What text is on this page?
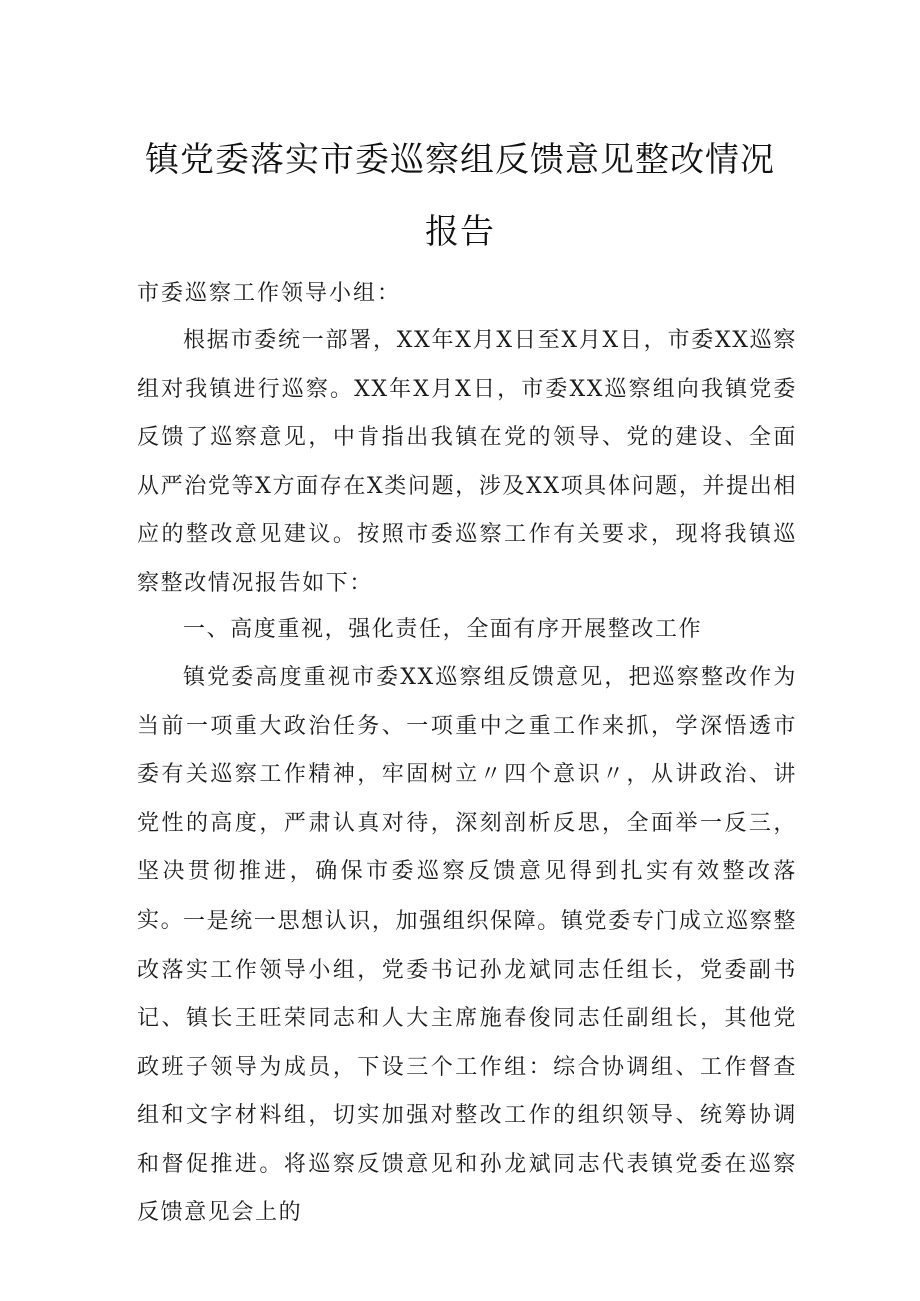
镇党委落实市委巡察组反馈意见整改情况
报告

市委巡察工作领导小组：

根据市委统一部署，XX年X月X日至X月X日，市委XX巡察组对我镇进行巡察。XX年X月X日，市委XX巡察组向我镇党委反馈了巡察意见，中肯指出我镇在党的领导、党的建设、全面从严治党等X方面存在X类问题，涉及XX项具体问题，并提出相应的整改意见建议。按照市委巡察工作有关要求，现将我镇巡察整改情况报告如下：

一、高度重视，强化责任，全面有序开展整改工作

镇党委高度重视市委XX巡察组反馈意见，把巡察整改作为当前一项重大政治任务、一项重中之重工作来抓，学深悟透市委有关巡察工作精神，牢固树立〃四个意识〃，从讲政治、讲党性的高度，严肃认真对待，深刻剖析反思，全面举一反三，坚决贯彻推进，确保市委巡察反馈意见得到扎实有效整改落实。

一是统一思想认识，加强组织保障。镇党委专门成立巡察整改落实工作领导小组，党委书记孙龙斌同志任组长，党委副书记、镇长王旺荣同志和人大主席施春俊同志任副组长，其他党政班子领导为成员，下设三个工作组：综合协调组、工作督查组和文字材料组，切实加强对整改工作的组织领导、统筹协调和督促推进。将巡察反馈意见和孙龙斌同志代表镇党委在巡察反馈意见会上的
